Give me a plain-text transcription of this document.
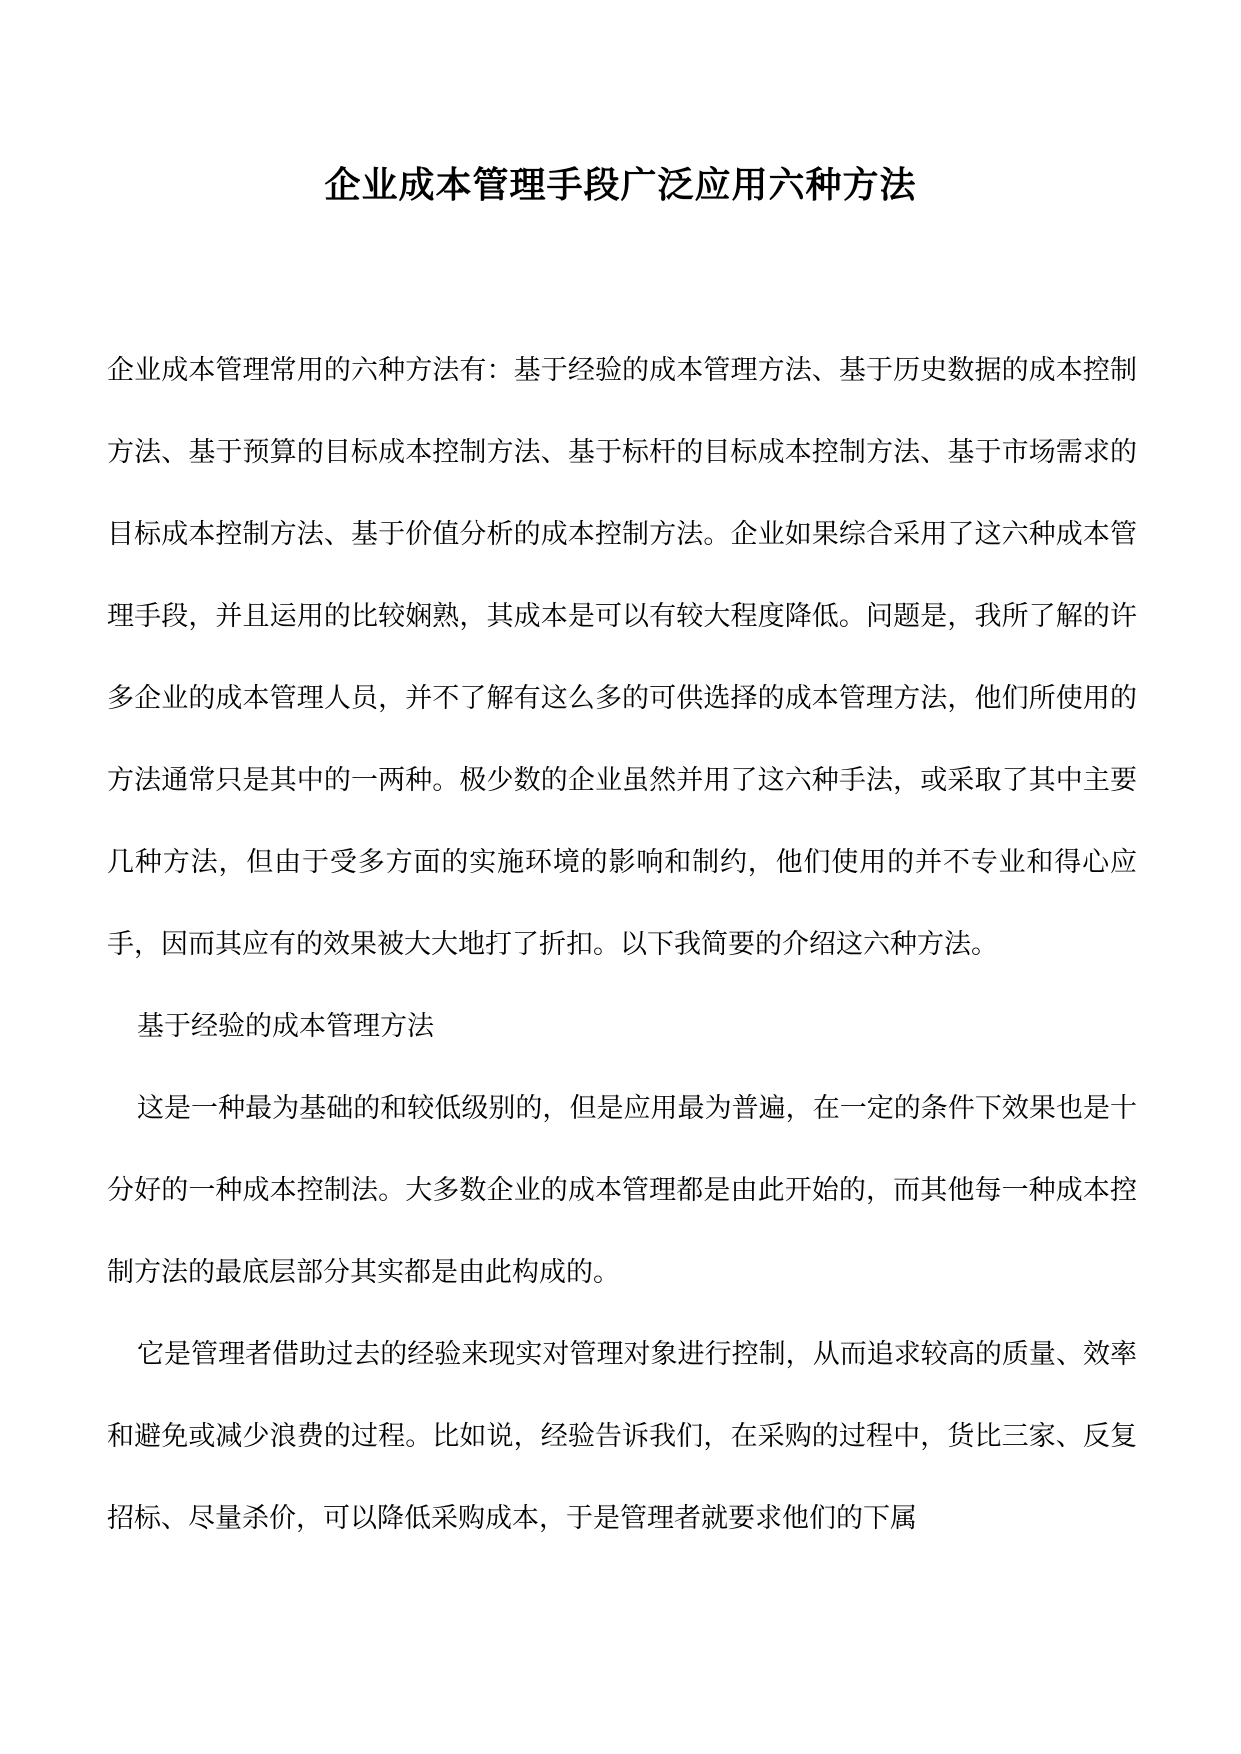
企业成本管理手段广泛应用六种方法

企业成本管理常用的六种方法有：基于经验的成本管理方法、基于历史数据的成本控制方法、基于预算的目标成本控制方法、基于标杆的目标成本控制方法、基于市场需求的目标成本控制方法、基于价值分析的成本控制方法。企业如果综合采用了这六种成本管理手段，并且运用的比较娴熟，其成本是可以有较大程度降低。问题是，我所了解的许多企业的成本管理人员，并不了解有这么多的可供选择的成本管理方法，他们所使用的方法通常只是其中的一两种。极少数的企业虽然并用了这六种手法，或采取了其中主要几种方法，但由于受多方面的实施环境的影响和制约，他们使用的并不专业和得心应手，因而其应有的效果被大大地打了折扣。以下我简要的介绍这六种方法。

基于经验的成本管理方法

这是一种最为基础的和较低级别的，但是应用最为普遍，在一定的条件下效果也是十分好的一种成本控制法。大多数企业的成本管理都是由此开始的，而其他每一种成本控制方法的最底层部分其实都是由此构成的。

它是管理者借助过去的经验来现实对管理对象进行控制，从而追求较高的质量、效率和避免或减少浪费的过程。比如说，经验告诉我们，在采购的过程中，货比三家、反复招标、尽量杀价，可以降低采购成本，于是管理者就要求他们的下属
